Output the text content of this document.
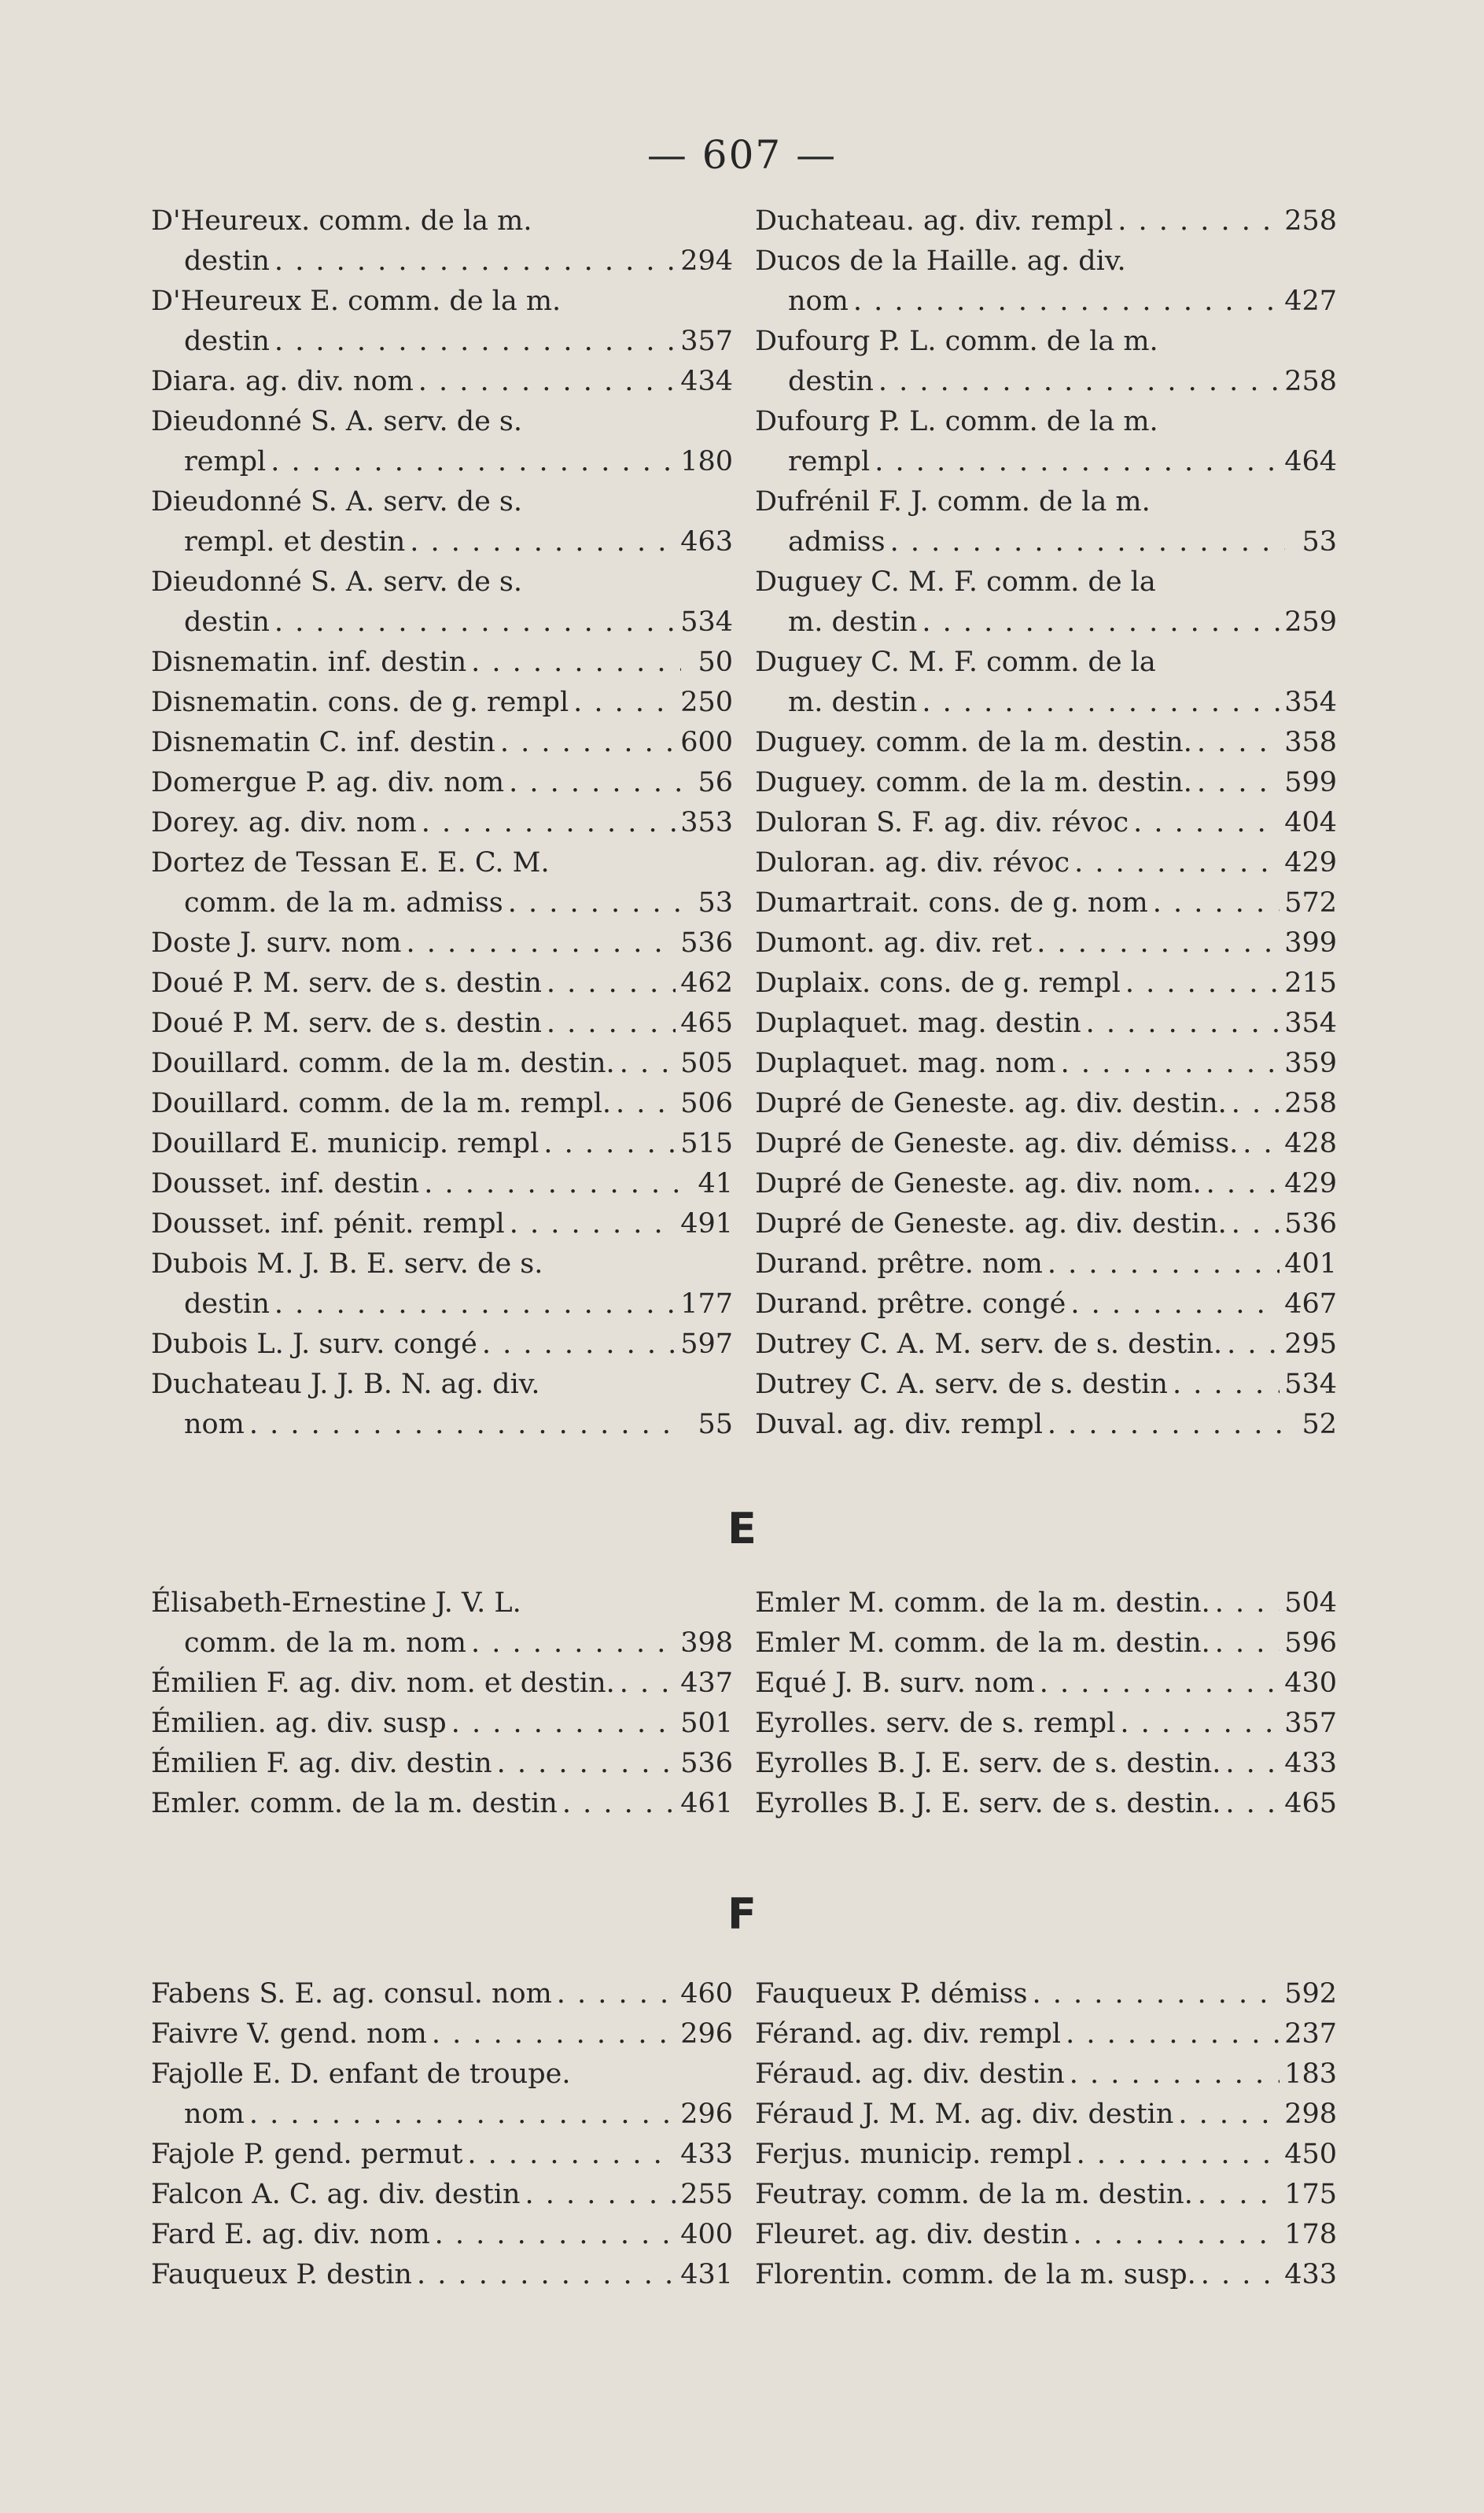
— 607 —
D'Heureux. comm. de la m.
destin . . .	294
D'Heureux E. comm. de la m.
destin . . .	357
Diara. ag. div. nom . . .	434
Dieudonné S. A. serv. de s.
rempl . . .	180
Dieudonné S. A. serv. de s.
rempl. et destin . . .	463
Dieudonné S. A. serv. de s.
destin . . .	534
Disnematin. inf. destin . . .	50
Disnematin. cons. de g. rempl . . .	250
Disnematin C. inf. destin . . .	600
Domergue P. ag. div. nom . . .	56
Dorey. ag. div. nom . . .	353
Dortez de Tessan E. E. C. M.
comm. de la m. admiss . . .	53
Doste J. surv. nom . . .	536
Doué P. M. serv. de s. destin . . .	462
Doué P. M. serv. de s. destin . . .	465
Douillard. comm. de la m. destin. . . . 505
Douillard. comm. de la m. rempl. . . .	506
Douillard E. municip. rempl . . .	515
Dousset. inf. destin . . .	41
Dousset. inf. pénit. rempl . . .	491
Dubois M. J. B. E. serv. de s.
destin . . .	177
Dubois L. J. surv. congé . . .	597
Duchateau J. J. B. N. ag. div.
nom . . .	55
Duchateau. ag. div. rempl . . .	258
Ducos de la Haille. ag. div.
nom . . .	427
Dufourg P. L. comm. de la m.
destin . . .	258
Dufourg P. L. comm. de la m.
rempl . . .	464
Dufrénil F. J. comm. de la m.
admiss . . .	53
Duguey C. M. F. comm. de la
m. destin . . .	259
Duguey C. M. F. comm. de la
m. destin . . .	354
Duguey. comm. de la m. destin. . . .	358
Duguey. comm. de la m. destin. . . .	599
Duloran S. F. ag. div. révoc . . .	404
Duloran. ag. div. révoc . . .	429
Dumartrait. cons. de g. nom . . .	572
Dumont. ag. div. ret . . .	399
Duplaix. cons. de g. rempl . . .	215
Duplaquet. mag. destin . . .	354
Duplaquet. mag. nom . . .	359
Dupré de Geneste. ag. div. destin. . . . 258
Dupré de Geneste. ag. div. démiss. . . . 428
Dupré de Geneste. ag. div. nom. . . .	429
Dupré de Geneste. ag. div. destin. . . . 536
Durand. prêtre. nom . . .	401
Durand. prêtre. congé . . .	467
Dutrey C. A. M. serv. de s. destin. . . . 295
Dutrey C. A. serv. de s. destin . . .	534
Duval. ag. div. rempl . . .	52
E
Élisabeth-Ernestine J. V. L.
comm. de la m. nom . . .	398
Émilien F. ag. div. nom. et destin. . . . 437
Émilien. ag. div. susp . . .	501
Émilien F. ag. div. destin . . .	536
Emler. comm. de la m. destin . . .	461
Emler M. comm. de la m. destin. . . .	504
Emler M. comm. de la m. destin. . . .	596
Equé J. B. surv. nom . . .	430
Eyrolles. serv. de s. rempl . . .	357
Eyrolles B. J. E. serv. de s. destin. . . . 433
Eyrolles B. J. E. serv. de s. destin. . . . 465
F
Fabens S. E. ag. consul. nom . . .	460
Faivre V. gend. nom . . .	296
Fajolle E. D. enfant de troupe.
nom . . .	296
Fajole P. gend. permut . . .	433
Falcon A. C. ag. div. destin . . .	255
Fard E. ag. div. nom . . .	400
Fauqueux P. destin . . .	431
Fauqueux P. démiss . . .	592
Férand. ag. div. rempl . . .	237
Féraud. ag. div. destin . . .	183
Féraud J. M. M. ag. div. destin . . .	298
Ferjus. municip. rempl . . .	450
Feutray. comm. de la m. destin. . . .	175
Fleuret. ag. div. destin . . .	178
Florentin. comm. de la m. susp. . . .	433
